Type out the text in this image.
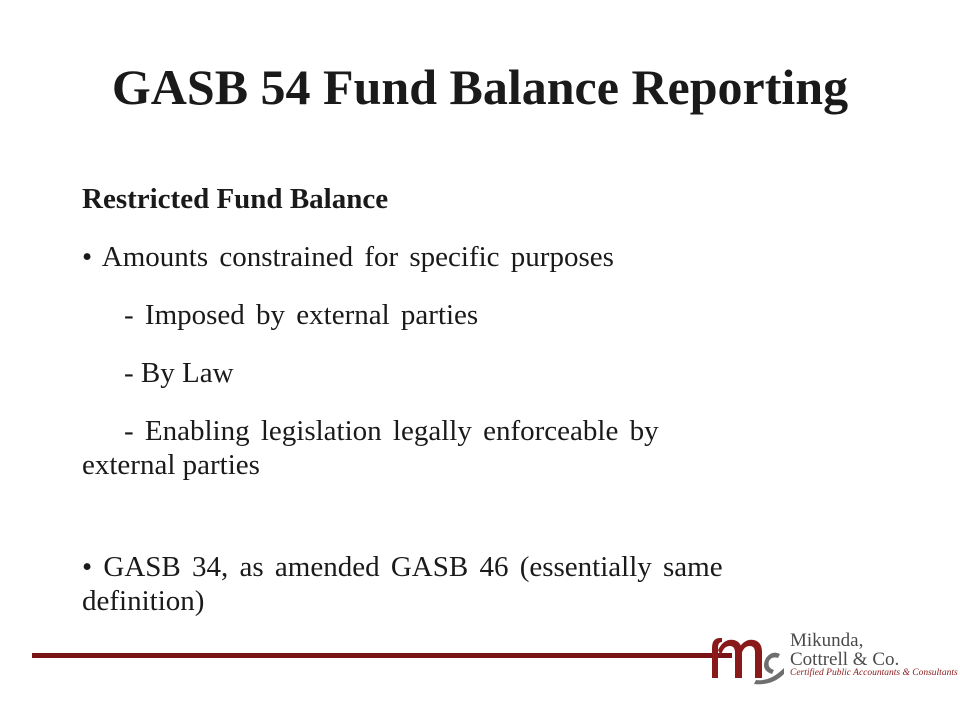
GASB 54 Fund Balance Reporting
Restricted Fund Balance
• Amounts constrained for specific purposes
- Imposed by external parties
- By Law
- Enabling legislation legally enforceable by
external parties
• GASB 34, as amended GASB 46 (essentially same
definition)
Mikunda,
Cottrell & Co.
Certified Public Accountants & Consultants
